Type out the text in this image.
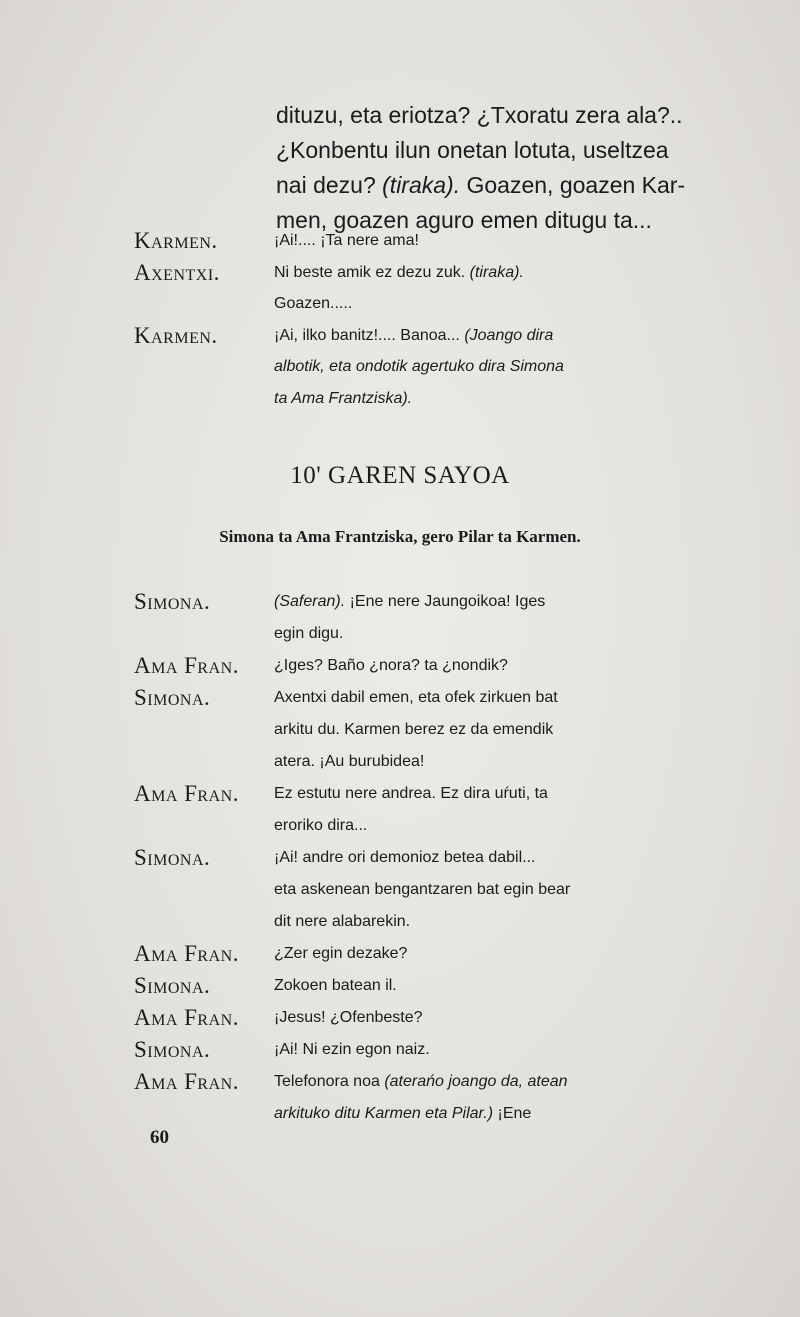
dituzu, eta eriotza? ¿Txoratu zera ala?..
¿Konbentu ilun onetan lotuta, useltzea
nai dezu? (tiraka). Goazen, goazen Kar-
men, goazen aguro emen ditugu ta...
Karmen.	¡Ai!.... ¡Ta nere ama!
Axentxi.	Ni beste amik ez dezu zuk. (tiraka).
Goazen.....
Karmen.	¡Ai, ilko banitz!.... Banoa... (Joango dira
albotik, eta ondotik agertuko dira Simona
ta Ama Frantziska).
10' GAREN SAYOA
Simona ta Ama Frantziska, gero Pilar ta Karmen.
Simona.	(Saferan). ¡Ene nere Jaungoikoa! Iges
egin digu.
Ama Fran. ¿Iges? Baño ¿nora? ta ¿nondik?
Simona.	Axentxi dabil emen, eta ofek zirkuen bat
arkitu du. Karmen berez ez da emendik
atera. ¡Au burubidea!
Ama Fran. Ez estutu nere andrea. Ez dira uŕuti, ta
eroriko dira...
Simona.	¡Ai! andre ori demonioz betea dabil...
eta askenean bengantzaren bat egin bear
dit nere alabarekin.
Ama Fran. ¿Zer egin dezake?
Simona.	Zokoen batean il.
Ama Fran. ¡Jesus! ¿Ofenbeste?
Simona.	¡Ai! Ni ezin egon naiz.
Ama Fran. Telefonora noa (aterańo joango da, atean
arkituko ditu Karmen eta Pilar.) ¡Ene
60
